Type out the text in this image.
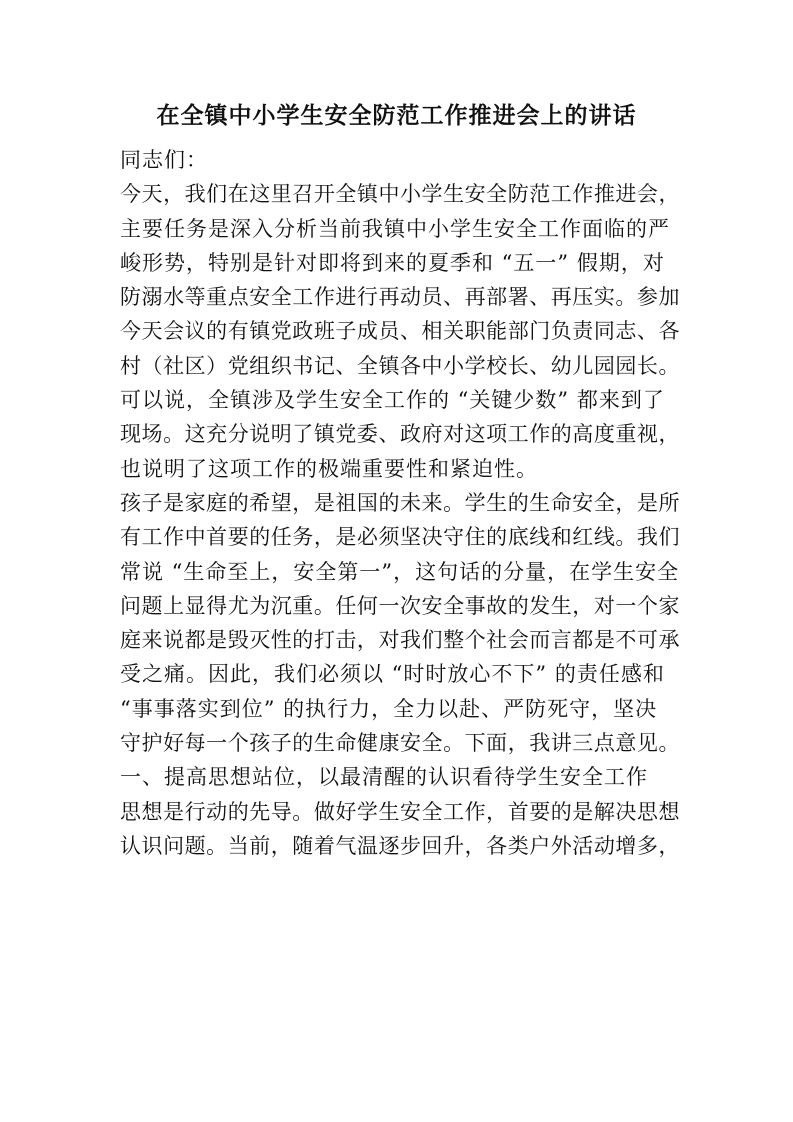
在全镇中小学生安全防范工作推进会上的讲话
同志们：
今天，我们在这里召开全镇中小学生安全防范工作推进会，
主要任务是深入分析当前我镇中小学生安全工作面临的严
峻形势，特别是针对即将到来的夏季和 “五一” 假期，对
防溺水等重点安全工作进行再动员、再部署、再压实。参加
今天会议的有镇党政班子成员、相关职能部门负责同志、各
村（社区）党组织书记、全镇各中小学校长、幼儿园园长。
可以说，全镇涉及学生安全工作的 “关键少数” 都来到了
现场。这充分说明了镇党委、政府对这项工作的高度重视，
也说明了这项工作的极端重要性和紧迫性。
孩子是家庭的希望，是祖国的未来。学生的生命安全，是所
有工作中首要的任务，是必须坚决守住的底线和红线。我们
常说 “生命至上，安全第一”，这句话的分量，在学生安全
问题上显得尤为沉重。任何一次安全事故的发生，对一个家
庭来说都是毁灭性的打击，对我们整个社会而言都是不可承
受之痛。因此，我们必须以 “时时放心不下” 的责任感和
“事事落实到位” 的执行力，全力以赴、严防死守，坚决
守护好每一个孩子的生命健康安全。下面，我讲三点意见。
一、提高思想站位，以最清醒的认识看待学生安全工作
思想是行动的先导。做好学生安全工作，首要的是解决思想
认识问题。当前，随着气温逐步回升，各类户外活动增多，
